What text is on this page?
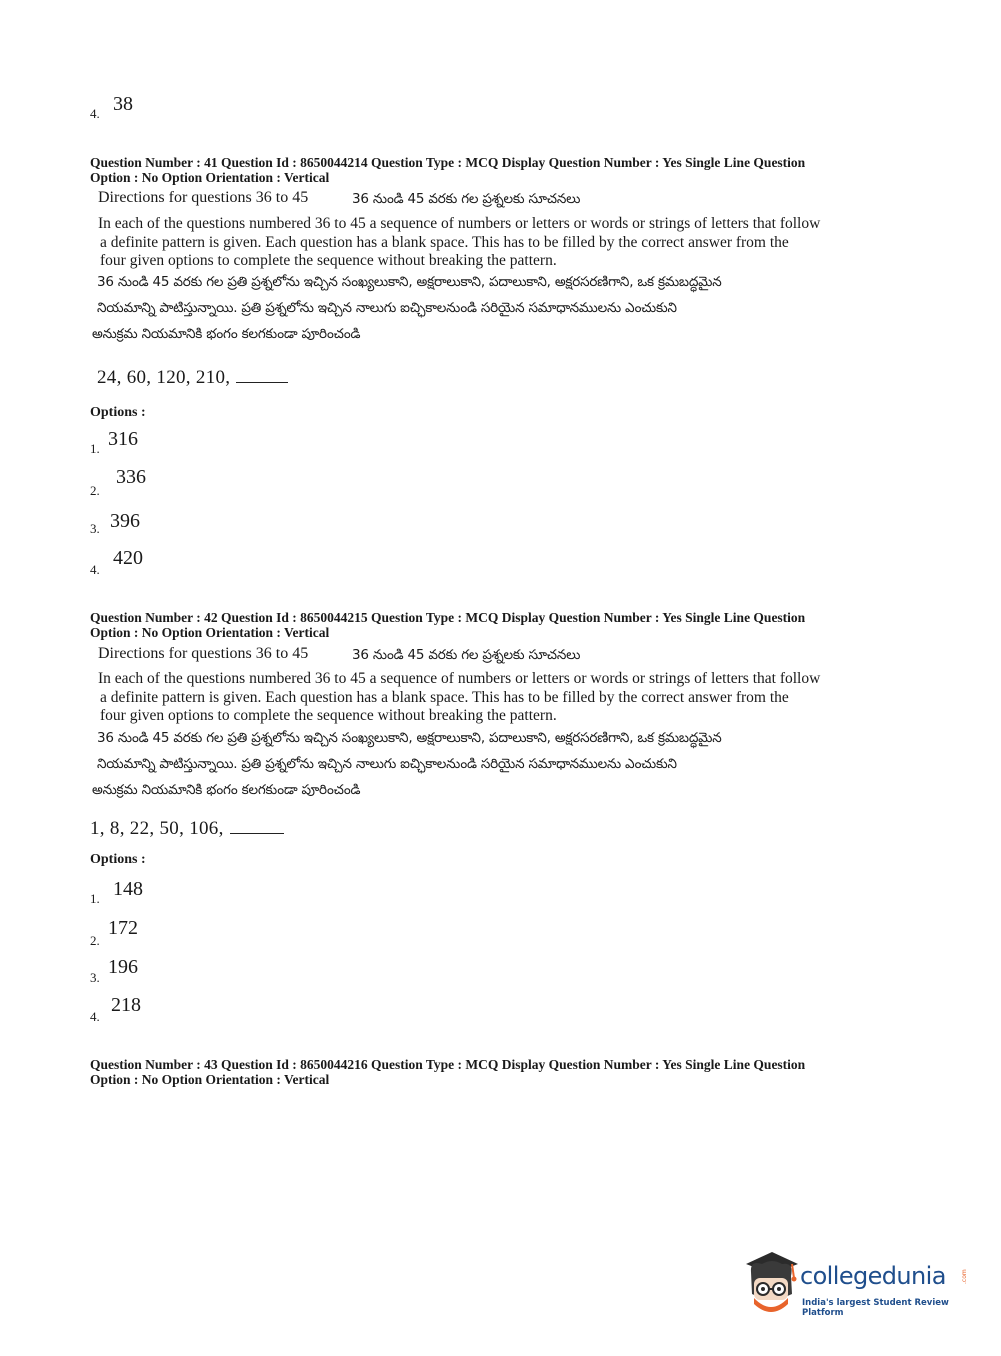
4. 38
Question Number : 41 Question Id : 8650044214 Question Type : MCQ Display Question Number : Yes Single Line Question
Option : No Option Orientation : Vertical
Directions for questions 36 to 45	36 నుండి 45 వరకు గల ప్రశ్నలకు సూచనలు
In each of the questions numbered 36 to 45 a sequence of numbers or letters or words or strings of letters that follow
a definite pattern is given. Each question has a blank space. This has to be filled by the correct answer from the
four given options to complete the sequence without breaking the pattern.
36 నుండి 45 వరకు గల ప్రతి ప్రశ్నలోను ఇచ్చిన సంఖ్యలుకాని, అక్షరాలుకాని, పదాలుకాని, అక్షరసరణిగాని, ఒక క్రమబద్ధమైన
నియమాన్ని పాటిస్తున్నాయి. ప్రతి ప్రశ్నలోను ఇచ్చిన నాలుగు ఐచ్ఛికాలనుండి సరియైన సమాధానములను ఎంచుకుని
అనుక్రమ నియమానికి భంగం కలగకుండా పూరించండి
24, 60, 120, 210,
Options :
1. 316
2.
336
3. 396
4.
420
Question Number : 42 Question Id : 8650044215 Question Type : MCQ Display Question Number : Yes Single Line Question
Option : No Option Orientation : Vertical
Directions for questions 36 to 45	36 నుండి 45 వరకు గల ప్రశ్నలకు సూచనలు
In each of the questions numbered 36 to 45 a sequence of numbers or letters or words or strings of letters that follow
a definite pattern is given. Each question has a blank space. This has to be filled by the correct answer from the
four given options to complete the sequence without breaking the pattern.
36 నుండి 45 వరకు గల ప్రతి ప్రశ్నలోను ఇచ్చిన సంఖ్యలుకాని, అక్షరాలుకాని, పదాలుకాని, అక్షరసరణిగాని, ఒక క్రమబద్ధమైన
నియమాన్ని పాటిస్తున్నాయి. ప్రతి ప్రశ్నలోను ఇచ్చిన నాలుగు ఐచ్ఛికాలనుండి సరియైన సమాధానములను ఎంచుకుని
అనుక్రమ నియమానికి భంగం కలగకుండా పూరించండి
1, 8, 22, 50, 106,
Options :
1. 148
2.
172
3. 196
4.
218
Question Number : 43 Question Id : 8650044216 Question Type : MCQ Display Question Number : Yes Single Line Question
Option : No Option Orientation : Vertical
collegedunia	.com
India's largest Student Review Platform
